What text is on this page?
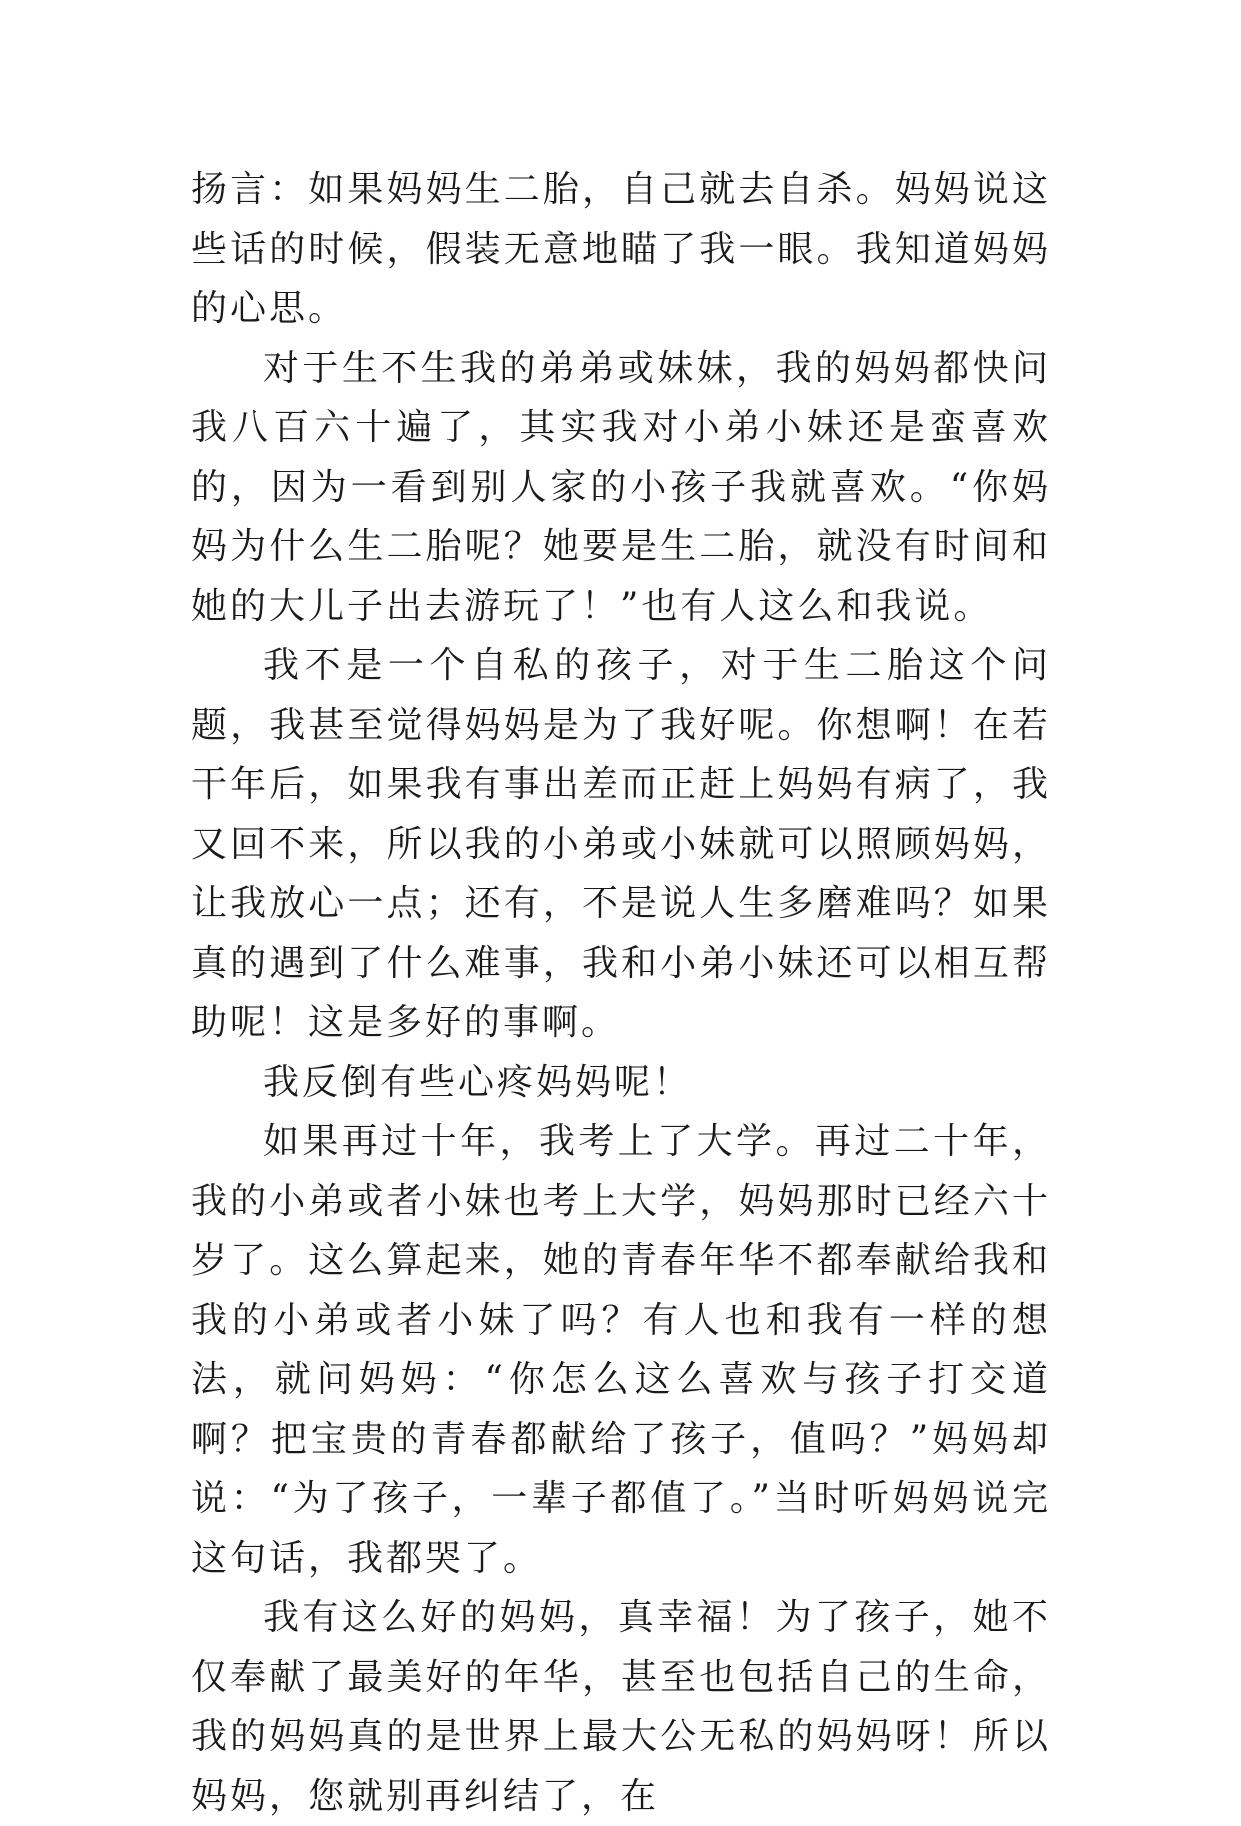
扬言：如果妈妈生二胎，自己就去自杀。妈妈说这些话的时候，假装无意地瞄了我一眼。我知道妈妈的心思。

对于生不生我的弟弟或妹妹，我的妈妈都快问我八百六十遍了，其实我对小弟小妹还是蛮喜欢的，因为一看到别人家的小孩子我就喜欢。“你妈妈为什么生二胎呢？她要是生二胎，就没有时间和她的大儿子出去游玩了！”也有人这么和我说。

我不是一个自私的孩子，对于生二胎这个问题，我甚至觉得妈妈是为了我好呢。你想啊！在若干年后，如果我有事出差而正赶上妈妈有病了，我又回不来，所以我的小弟或小妹就可以照顾妈妈，让我放心一点；还有，不是说人生多磨难吗？如果真的遇到了什么难事，我和小弟小妹还可以相互帮助呢！这是多好的事啊。

我反倒有些心疼妈妈呢！

如果再过十年，我考上了大学。再过二十年，我的小弟或者小妹也考上大学，妈妈那时已经六十岁了。这么算起来，她的青春年华不都奉献给我和我的小弟或者小妹了吗？有人也和我有一样的想法，就问妈妈：“你怎么这么喜欢与孩子打交道啊？把宝贵的青春都献给了孩子，值吗？”妈妈却说：“为了孩子，一辈子都值了。”当时听妈妈说完这句话，我都哭了。

我有这么好的妈妈，真幸福！为了孩子，她不仅奉献了最美好的年华，甚至也包括自己的生命，我的妈妈真的是世界上最大公无私的妈妈呀！所以妈妈，您就别再纠结了，在
